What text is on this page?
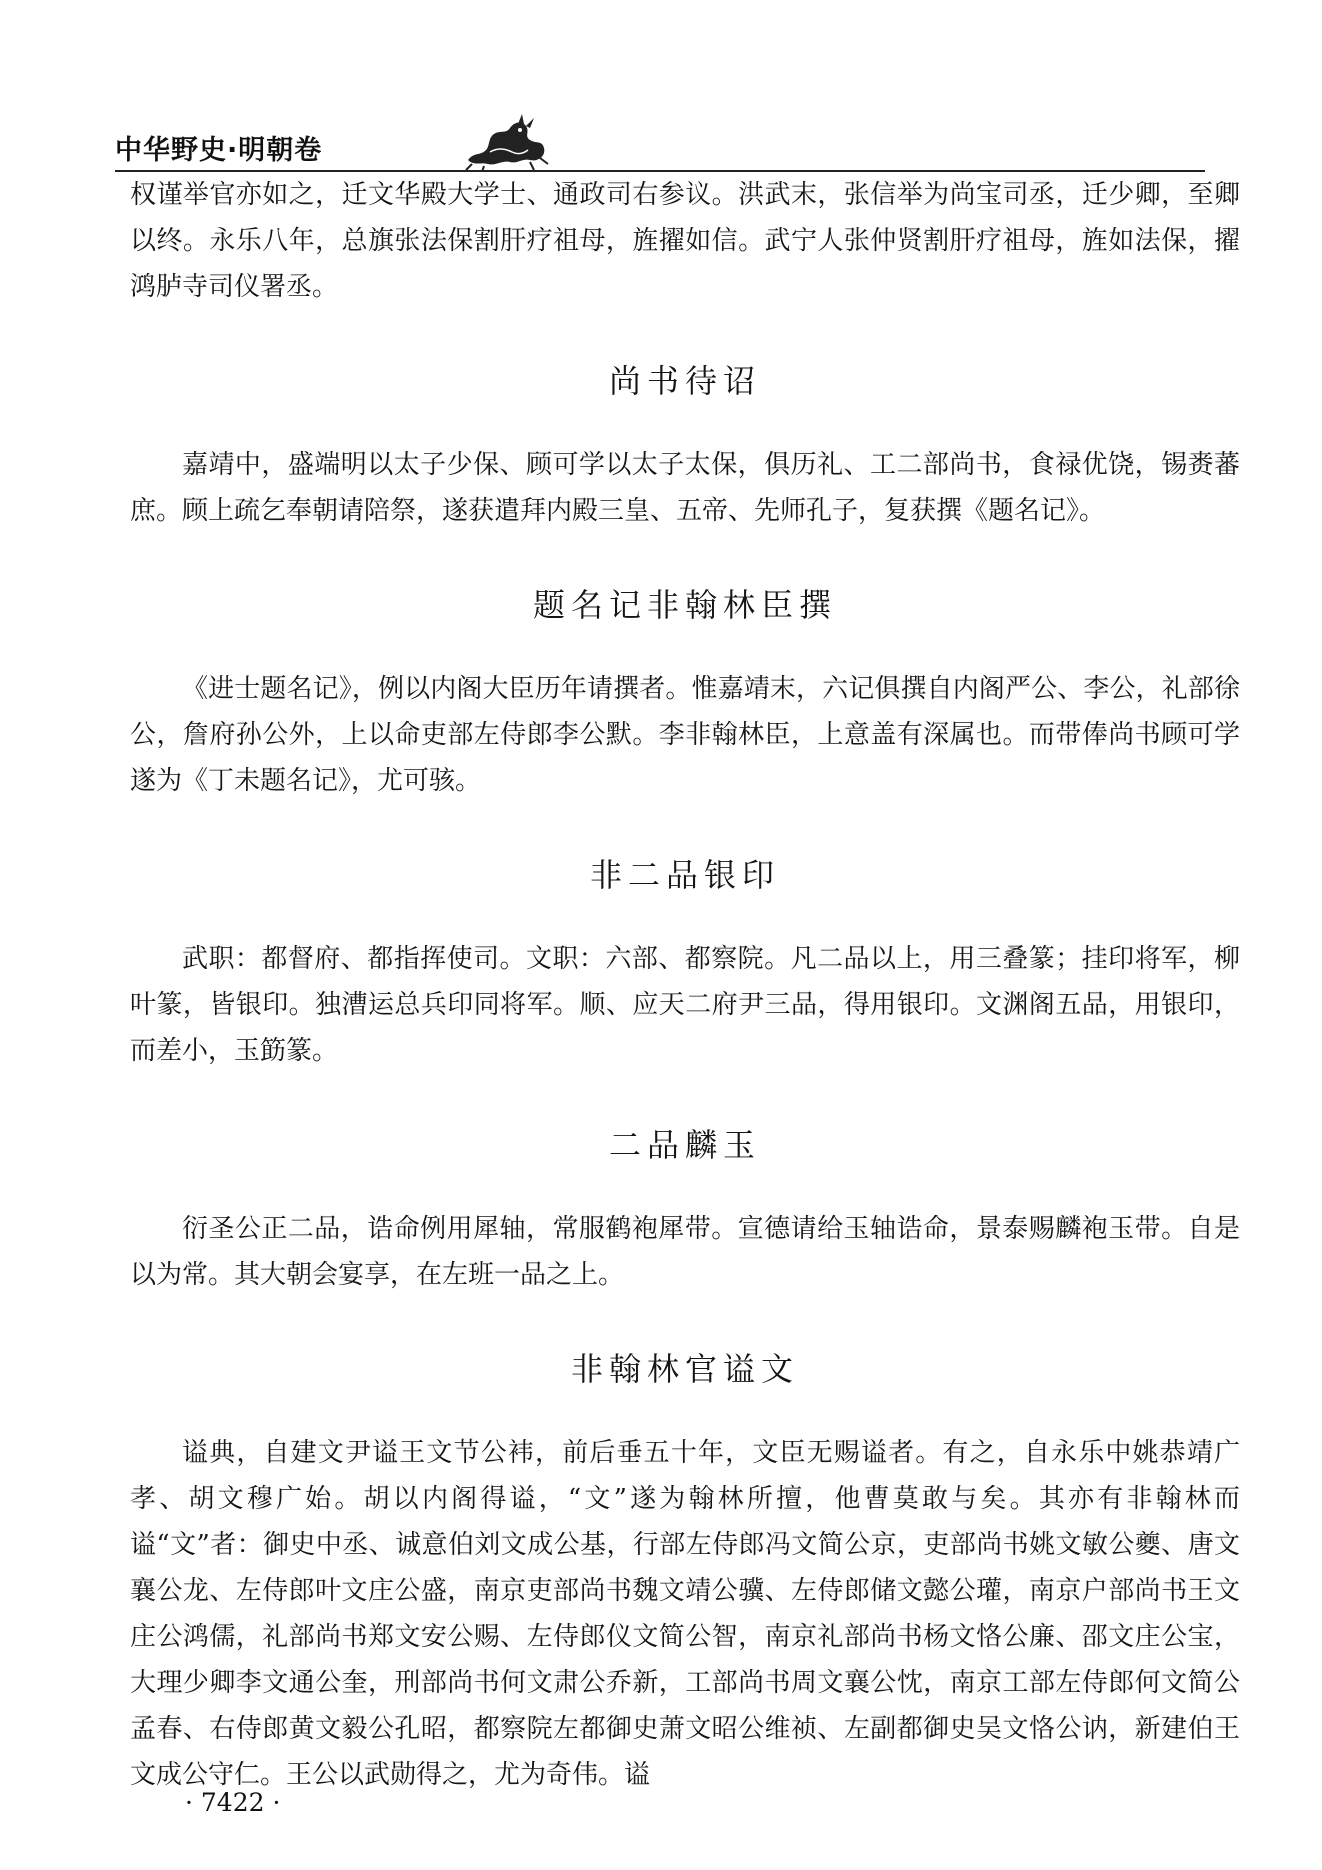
中华野史·明朝卷

权谨举官亦如之，迁文华殿大学士、通政司右参议。洪武末，张信举为尚宝司丞，迁少卿，至卿以终。永乐八年，总旗张法保割肝疗祖母，旌擢如信。武宁人张仲贤割肝疗祖母，旌如法保，擢鸿胪寺司仪署丞。

尚书待诏

嘉靖中，盛端明以太子少保、顾可学以太子太保，俱历礼、工二部尚书，食禄优饶，锡赉蕃庶。顾上疏乞奉朝请陪祭，遂获遣拜内殿三皇、五帝、先师孔子，复获撰《题名记》。

题名记非翰林臣撰

《进士题名记》，例以内阁大臣历年请撰者。惟嘉靖末，六记俱撰自内阁严公、李公，礼部徐公，詹府孙公外，上以命吏部左侍郎李公默。李非翰林臣，上意盖有深属也。而带俸尚书顾可学遂为《丁未题名记》，尤可骇。

非二品银印

武职：都督府、都指挥使司。文职：六部、都察院。凡二品以上，用三叠篆；挂印将军，柳叶篆，皆银印。独漕运总兵印同将军。顺、应天二府尹三品，得用银印。文渊阁五品，用银印，而差小，玉筯篆。

二品麟玉

衍圣公正二品，诰命例用犀轴，常服鹤袍犀带。宣德请给玉轴诰命，景泰赐麟袍玉带。自是以为常。其大朝会宴享，在左班一品之上。

非翰林官谥文

谥典，自建文尹谥王文节公袆，前后垂五十年，文臣无赐谥者。有之，自永乐中姚恭靖广孝、胡文穆广始。胡以内阁得谥，“文”遂为翰林所擅，他曹莫敢与矣。其亦有非翰林而谥“文”者：御史中丞、诚意伯刘文成公基，行部左侍郎冯文简公京，吏部尚书姚文敏公夔、唐文襄公龙、左侍郎叶文庄公盛，南京吏部尚书魏文靖公骥、左侍郎储文懿公瓘，南京户部尚书王文庄公鸿儒，礼部尚书郑文安公赐、左侍郎仪文简公智，南京礼部尚书杨文恪公廉、邵文庄公宝，大理少卿李文通公奎，刑部尚书何文肃公乔新，工部尚书周文襄公忱，南京工部左侍郎何文简公孟春、右侍郎黄文毅公孔昭，都察院左都御史萧文昭公维祯、左副都御史吴文恪公讷，新建伯王文成公守仁。王公以武勋得之，尤为奇伟。谥

· 7422 ·
